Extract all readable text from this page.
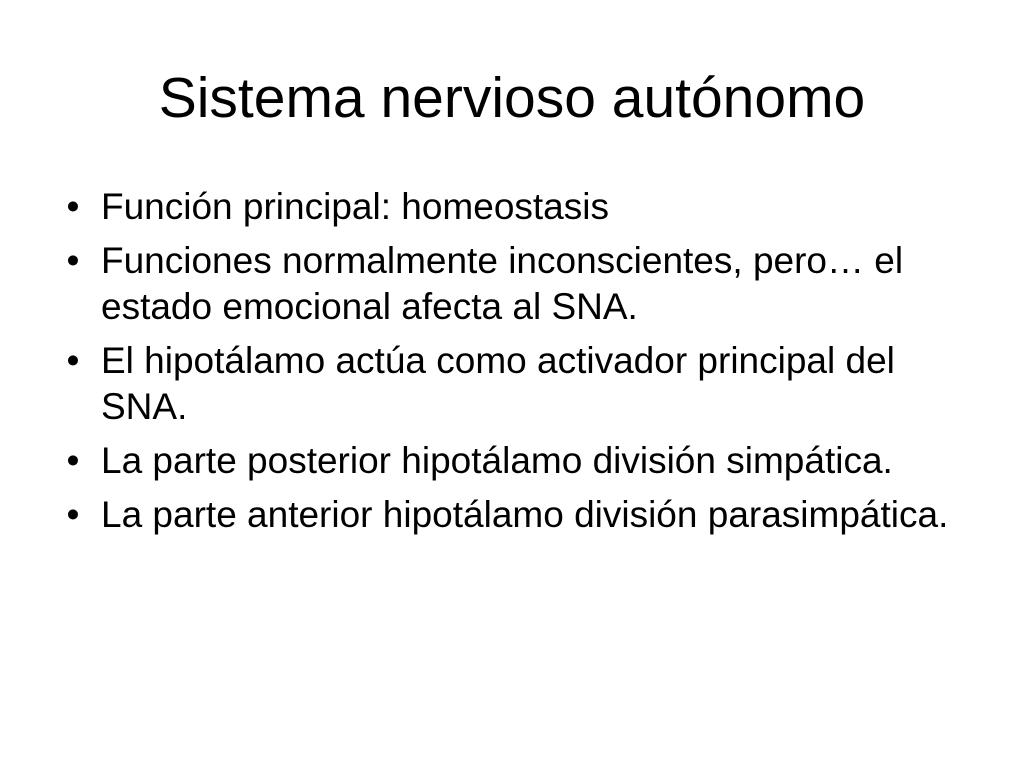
Sistema nervioso autónomo
• Función principal: homeostasis
• Funciones normalmente inconscientes, pero… el estado emocional afecta al SNA.
• El hipotálamo actúa como activador principal del SNA.
• La parte posterior hipotálamo división simpática.
• La parte anterior hipotálamo división parasimpática.
